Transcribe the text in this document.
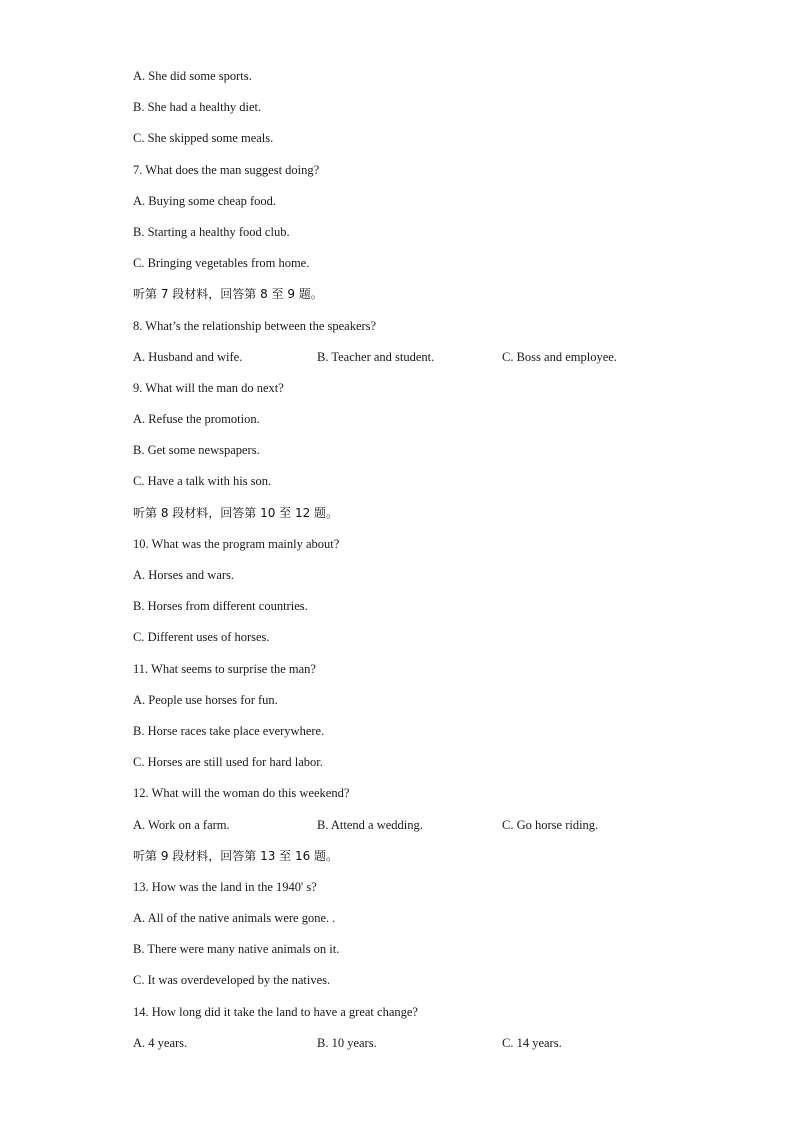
A. She did some sports.
B. She had a healthy diet.
C. She skipped some meals.
7. What does the man suggest doing?
A. Buying some cheap food.
B. Starting a healthy food club.
C. Bringing vegetables from home.
听第 7 段材料，回答第 8 至 9 题。
8. What’s the relationship between the speakers?
A. Husband and wife.	B. Teacher and student.	C. Boss and employee.
9. What will the man do next?
A. Refuse the promotion.
B. Get some newspapers.
C. Have a talk with his son.
听第 8 段材料，回答第 10 至 12 题。
10. What was the program mainly about?
A. Horses and wars.
B. Horses from different countries.
C. Different uses of horses.
11. What seems to surprise the man?
A. People use horses for fun.
B. Horse races take place everywhere.
C. Horses are still used for hard labor.
12. What will the woman do this weekend?
A. Work on a farm.	B. Attend a wedding.	C. Go horse riding.
听第 9 段材料，回答第 13 至 16 题。
13. How was the land in the 1940' s?
A. All of the native animals were gone. .
B. There were many native animals on it.
C. It was overdeveloped by the natives.
14. How long did it take the land to have a great change?
A. 4 years.	B. 10 years.	C. 14 years.
